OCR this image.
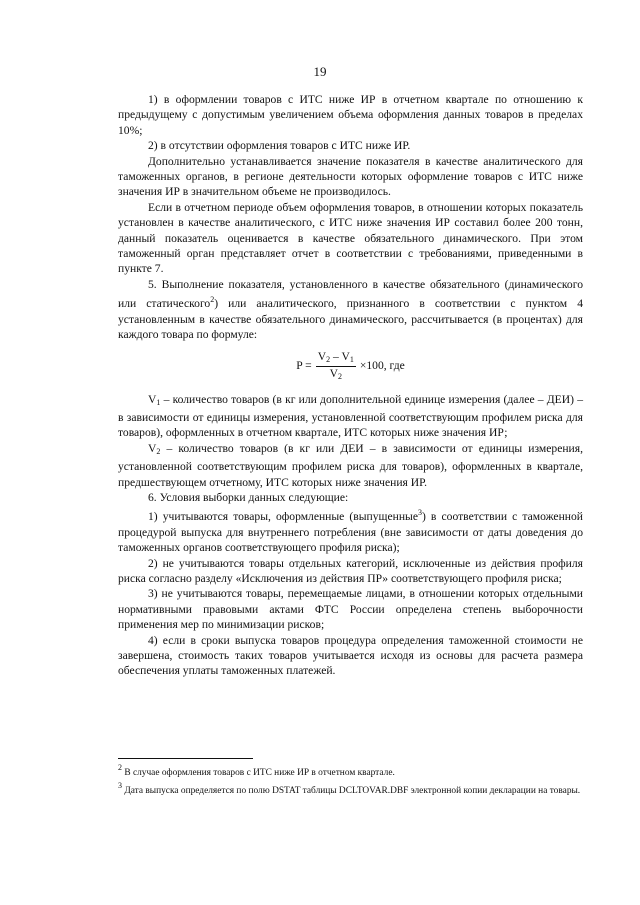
19

1) в оформлении товаров с ИТС ниже ИР в отчетном квартале по отношению к предыдущему с допустимым увеличением объема оформления данных товаров в пределах 10%;

2) в отсутствии оформления товаров с ИТС ниже ИР.

Дополнительно устанавливается значение показателя в качестве аналитического для таможенных органов, в регионе деятельности которых оформление товаров с ИТС ниже значения ИР в значительном объеме не производилось.

Если в отчетном периоде объем оформления товаров, в отношении которых показатель установлен в качестве аналитического, с ИТС ниже значения ИР составил более 200 тонн, данный показатель оценивается в качестве обязательного динамического. При этом таможенный орган представляет отчет в соответствии с требованиями, приведенными в пункте 7.

5. Выполнение показателя, установленного в качестве обязательного (динамического или статического$^2$) или аналитического, признанного в соответствии с пунктом 4 установленным в качестве обязательного динамического, рассчитывается (в процентах) для каждого товара по формуле:

$P = \frac{V_2 - V_1}{V_2} \times 100$, где

$V_1$ – количество товаров (в кг или дополнительной единице измерения (далее – ДЕИ) – в зависимости от единицы измерения, установленной соответствующим профилем риска для товаров), оформленных в отчетном квартале, ИТС которых ниже значения ИР;

$V_2$ – количество товаров (в кг или ДЕИ – в зависимости от единицы измерения, установленной соответствующим профилем риска для товаров), оформленных в квартале, предшествующем отчетному, ИТС которых ниже значения ИР.

6. Условия выборки данных следующие:

1) учитываются товары, оформленные (выпущенные$^3$) в соответствии с таможенной процедурой выпуска для внутреннего потребления (вне зависимости от даты доведения до таможенных органов соответствующего профиля риска);

2) не учитываются товары отдельных категорий, исключенные из действия профиля риска согласно разделу «Исключения из действия ПР» соответствующего профиля риска;

3) не учитываются товары, перемещаемые лицами, в отношении которых отдельными нормативными правовыми актами ФТС России определена степень выборочности применения мер по минимизации рисков;

4) если в сроки выпуска товаров процедура определения таможенной стоимости не завершена, стоимость таких товаров учитывается исходя из основы для расчета размера обеспечения уплаты таможенных платежей.

$^2$ В случае оформления товаров с ИТС ниже ИР в отчетном квартале.

$^3$ Дата выпуска определяется по полю DSTAT таблицы DCLTOVAR.DBF электронной копии декларации на товары.
